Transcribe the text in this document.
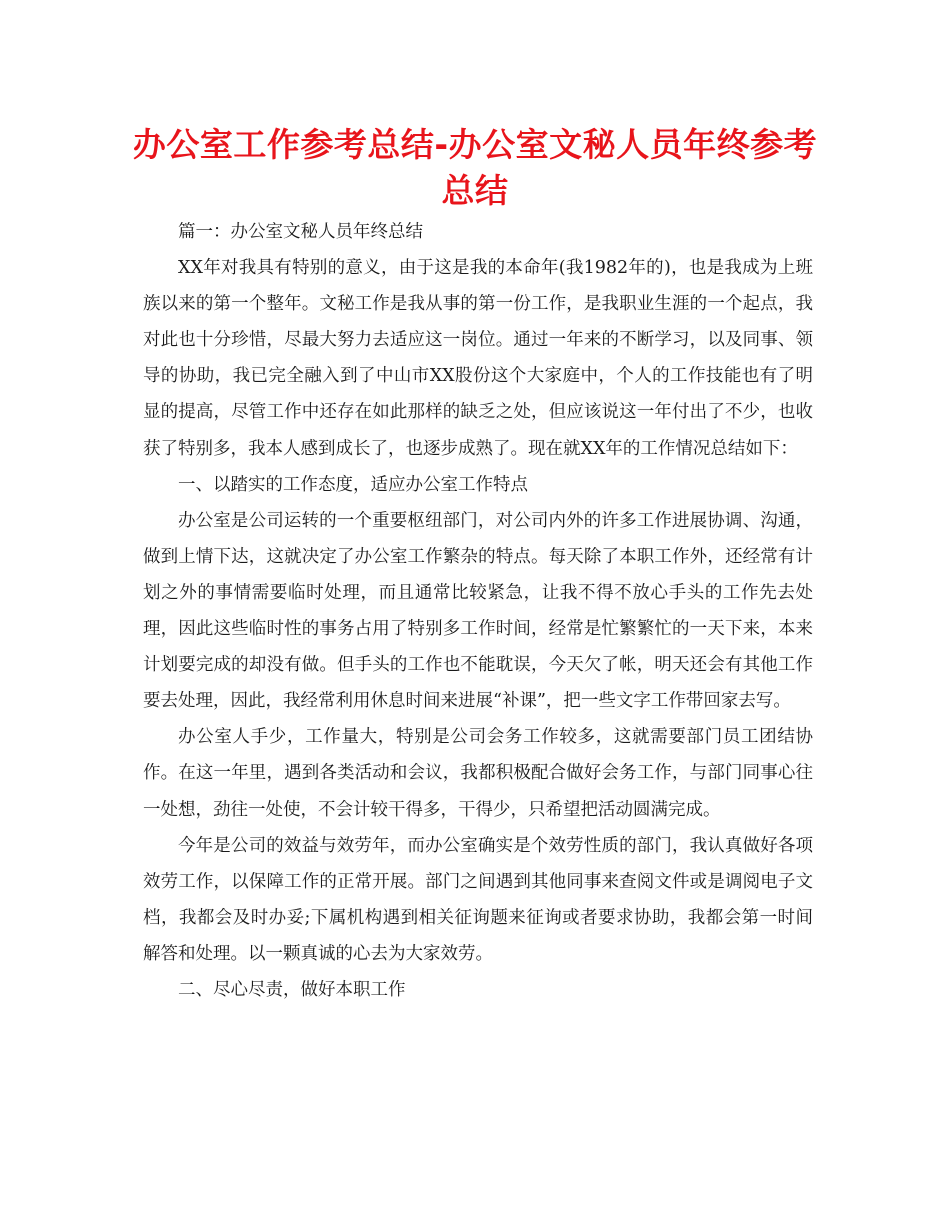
办公室工作参考总结-办公室文秘人员年终参考总结

篇一：办公室文秘人员年终总结

XX年对我具有特别的意义，由于这是我的本命年(我1982年的)，也是我成为上班族以来的第一个整年。文秘工作是我从事的第一份工作，是我职业生涯的一个起点，我对此也十分珍惜，尽最大努力去适应这一岗位。通过一年来的不断学习，以及同事、领导的协助，我已完全融入到了中山市XX股份这个大家庭中，个人的工作技能也有了明显的提高，尽管工作中还存在如此那样的缺乏之处，但应该说这一年付出了不少，也收获了特别多，我本人感到成长了，也逐步成熟了。现在就XX年的工作情况总结如下：

一、以踏实的工作态度，适应办公室工作特点

办公室是公司运转的一个重要枢纽部门，对公司内外的许多工作进展协调、沟通，做到上情下达，这就决定了办公室工作繁杂的特点。每天除了本职工作外，还经常有计划之外的事情需要临时处理，而且通常比较紧急，让我不得不放心手头的工作先去处理，因此这些临时性的事务占用了特别多工作时间，经常是忙繁繁忙的一天下来，本来计划要完成的却没有做。但手头的工作也不能耽误，今天欠了帐，明天还会有其他工作要去处理，因此，我经常利用休息时间来进展“补课”，把一些文字工作带回家去写。

办公室人手少，工作量大，特别是公司会务工作较多，这就需要部门员工团结协作。在这一年里，遇到各类活动和会议，我都积极配合做好会务工作，与部门同事心往一处想，劲往一处使，不会计较干得多，干得少，只希望把活动圆满完成。

今年是公司的效益与效劳年，而办公室确实是个效劳性质的部门，我认真做好各项效劳工作，以保障工作的正常开展。部门之间遇到其他同事来查阅文件或是调阅电子文档，我都会及时办妥;下属机构遇到相关征询题来征询或者要求协助，我都会第一时间解答和处理。以一颗真诚的心去为大家效劳。

二、尽心尽责，做好本职工作
